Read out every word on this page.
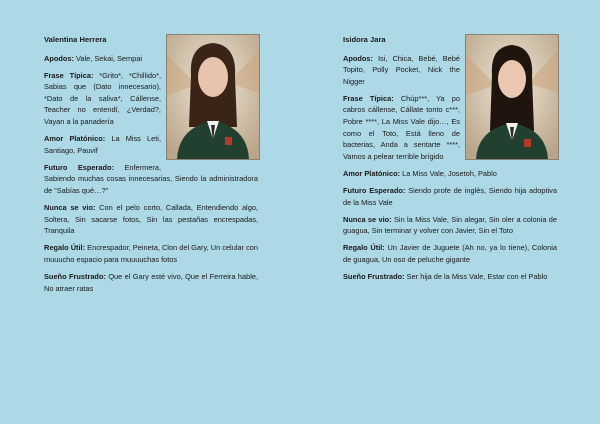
Valentina Herrera
Apodos: Vale, Sekai, Sempai
Frase Típica: *Grito*, *Chillido*, Sabias que (Dato innecesario), *Dato de la saliva*, Cállense, Teacher no entendí, ¿Verdad?, Vayan a la panadería
Amor Platónico: La Miss Leti, Santiago, Pauvif
Futuro Esperado: Enfermera, Sabiendo muchas cosas innecesarias, Siendo la administradora de “Sabías qué…?”
Nunca se vio: Con el pelo corto, Callada, Entendiendo algo, Soltera, Sin sacarse fotos, Sin las pestañas encrespadas, Tranquila
Regalo Útil: Encrespador, Peineta, Clon del Gary, Un celular con muuucho espacio para muuuuchas fotos
Sueño Frustrado: Que el Gary esté vivo, Que el Ferreira hable, No atraer ratas
Isidora Jara
Apodos: Isi, Chica, Bebé, Bebé Topito, Polly Pocket, Nick the Nigger
Frase Típica: Chúp***, Ya po cabros cállense, Cállate tonto c***, Pobre ****, La Miss Vale dijo…, Es como el Toto, Está lleno de bacterias, Anda a sentarte ****, Vamos a pelear terrible brígido
Amor Platónico: La Miss Vale, Josetoh, Pablo
Futuro Esperado: Siendo profe de inglés, Siendo hija adoptiva de la Miss Vale
Nunca se vio: Sin la Miss Vale, Sin alegar, Sin oler a colonia de guagua, Sin terminar y volver con Javier, Sin el Toto
Regalo Útil: Un Javier de Juguete (Ah no, ya lo tiene), Colonia de guagua, Un oso de peluche gigante
Sueño Frustrado: Ser hija de la Miss Vale, Estar con el Pablo
